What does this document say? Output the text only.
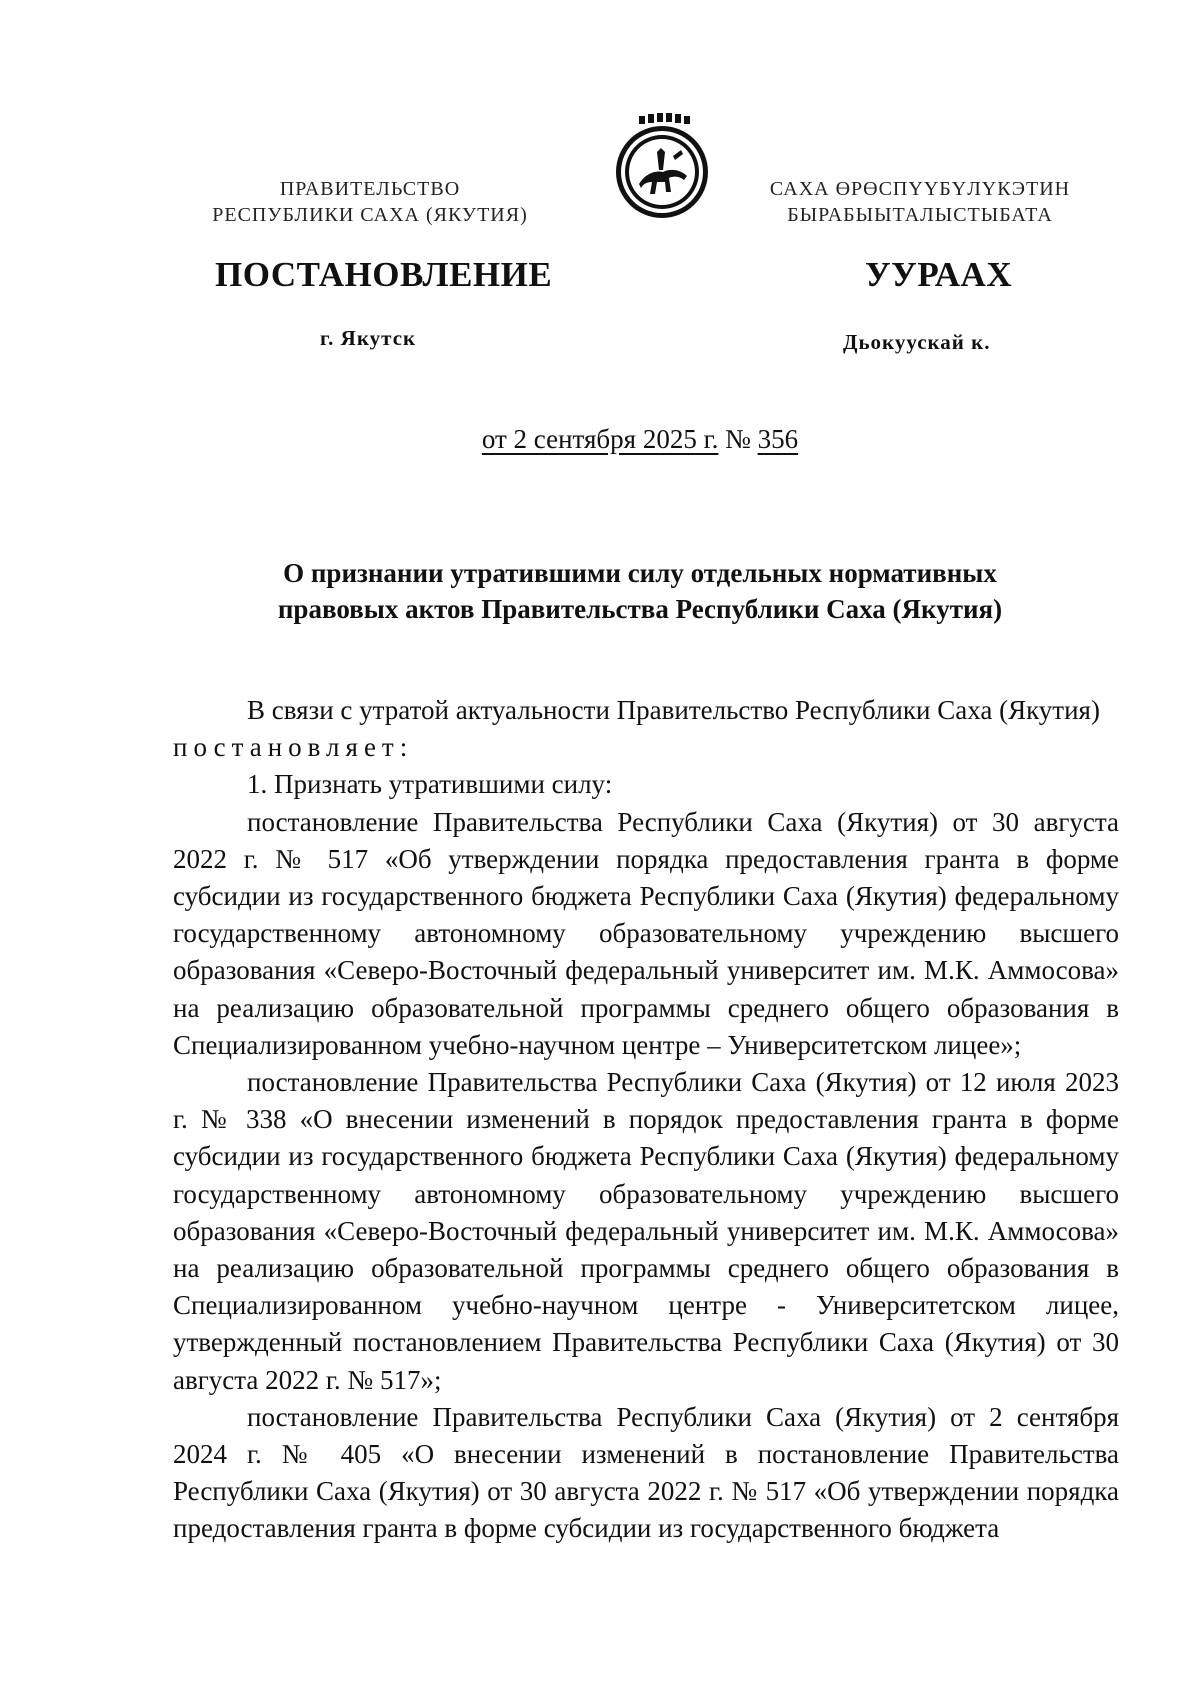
ПРАВИТЕЛЬСТВО
РЕСПУБЛИКИ САХА (ЯКУТИЯ)
САХА ӨРӨСПҮҮБҮЛҮКЭТИН
БЫРАБЫЫТАЛЫСТЫБАТА
ПОСТАНОВЛЕНИЕ	УУРААХ
г. Якутск	Дьокуускай к.
от 2 сентября 2025 г. № 356
О признании утратившими силу отдельных нормативных
правовых актов Правительства Республики Саха (Якутия)

В связи с утратой актуальности Правительство Республики Саха (Якутия)

постановляет:

1. Признать утратившими силу:

постановление Правительства Республики Саха (Якутия) от 30 августа 2022 г. № 517 «Об утверждении порядка предоставления гранта в форме субсидии из государственного бюджета Республики Саха (Якутия) федеральному государственному автономному образовательному учреждению высшего образования «Северо-Восточный федеральный университет им. М.К. Аммосова» на реализацию образовательной программы среднего общего образования в Специализированном учебно-научном центре – Университетском лицее»;

постановление Правительства Республики Саха (Якутия) от 12 июля 2023 г. № 338 «О внесении изменений в порядок предоставления гранта в форме субсидии из государственного бюджета Республики Саха (Якутия) федеральному государственному автономному образовательному учреждению высшего образования «Северо-Восточный федеральный университет им. М.К. Аммосова» на реализацию образовательной программы среднего общего образования в Специализированном учебно-научном центре - Университетском лицее, утвержденный постановлением Правительства Республики Саха (Якутия) от 30 августа 2022 г. № 517»;

постановление Правительства Республики Саха (Якутия) от 2 сентября 2024 г. № 405 «О внесении изменений в постановление Правительства Республики Саха (Якутия) от 30 августа 2022 г. № 517 «Об утверждении порядка предоставления гранта в форме субсидии из государственного бюджета
